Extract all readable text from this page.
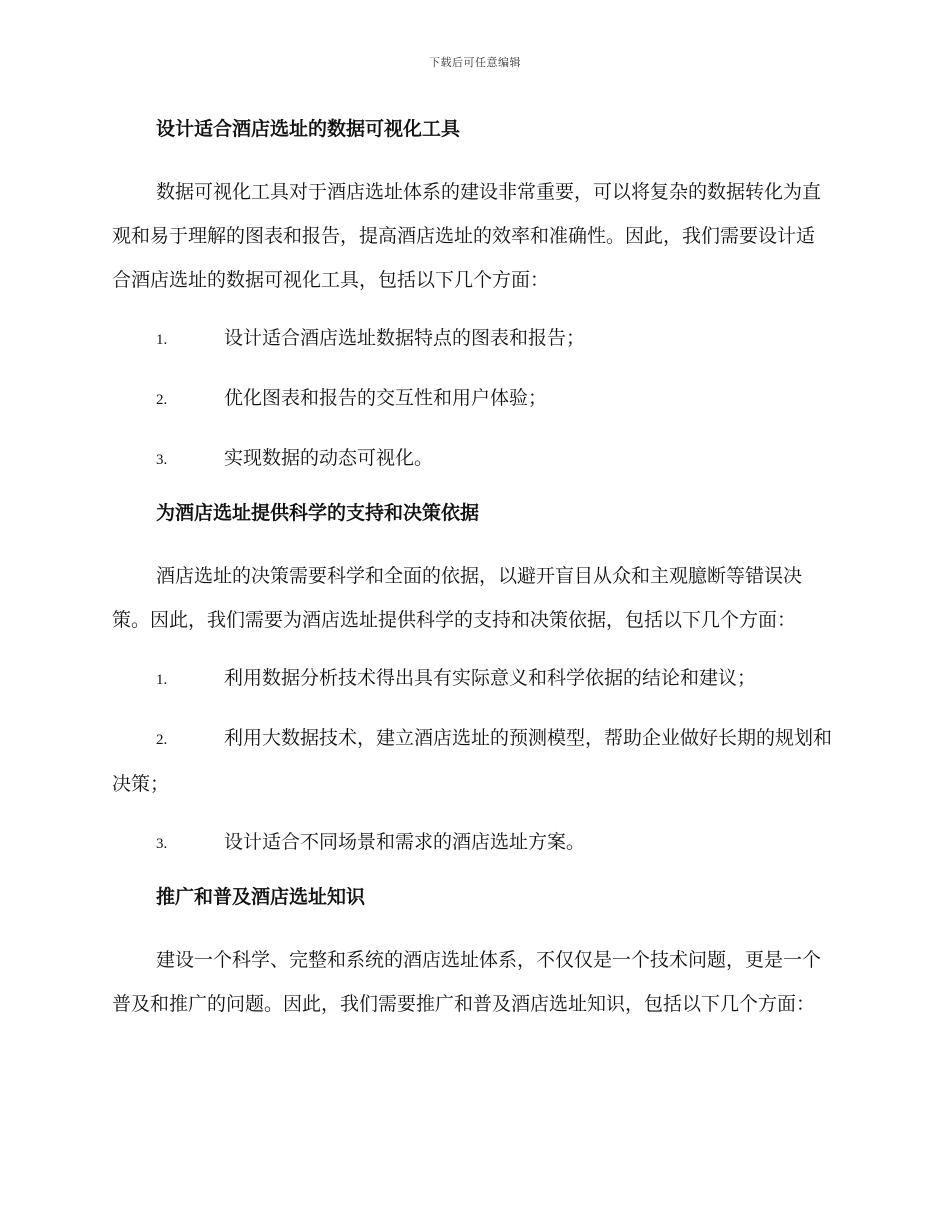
下载后可任意编辑
设计适合酒店选址的数据可视化工具
数据可视化工具对于酒店选址体系的建设非常重要，可以将复杂的数据转化为直观和易于理解的图表和报告，提高酒店选址的效率和准确性。因此，我们需要设计适合酒店选址的数据可视化工具，包括以下几个方面：
1.	设计适合酒店选址数据特点的图表和报告；
2.	优化图表和报告的交互性和用户体验；
3.	实现数据的动态可视化。
为酒店选址提供科学的支持和决策依据
酒店选址的决策需要科学和全面的依据，以避开盲目从众和主观臆断等错误决策。因此，我们需要为酒店选址提供科学的支持和决策依据，包括以下几个方面：
1.	利用数据分析技术得出具有实际意义和科学依据的结论和建议；
2.	利用大数据技术，建立酒店选址的预测模型，帮助企业做好长期的规划和决策；
3.	设计适合不同场景和需求的酒店选址方案。
推广和普及酒店选址知识
建设一个科学、完整和系统的酒店选址体系，不仅仅是一个技术问题，更是一个普及和推广的问题。因此，我们需要推广和普及酒店选址知识，包括以下几个方面：
